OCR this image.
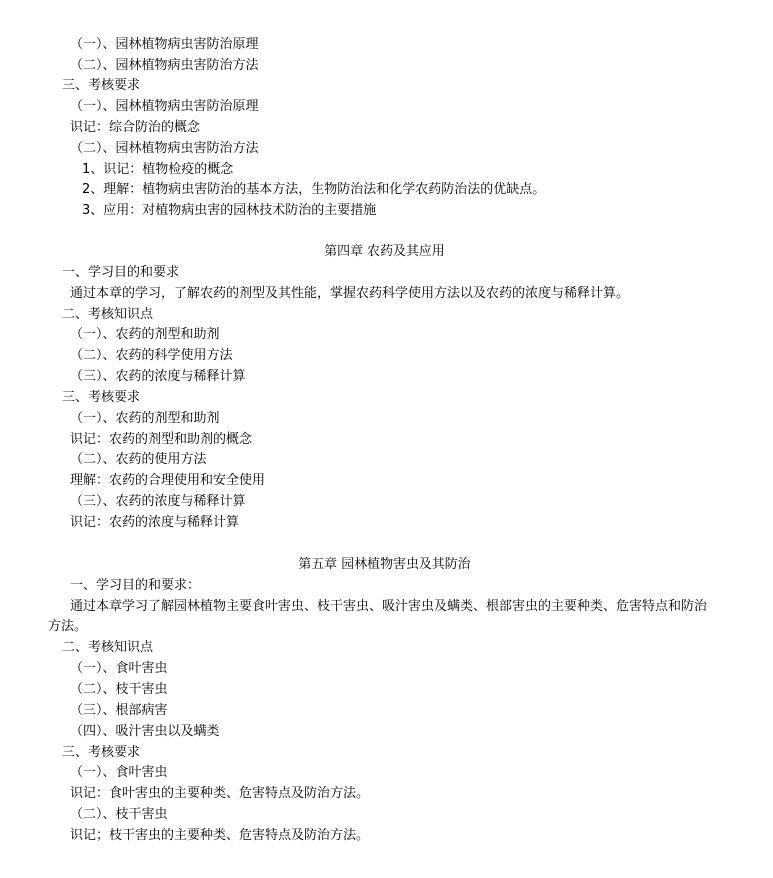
（一）、园林植物病虫害防治原理
（二）、园林植物病虫害防治方法
三、考核要求
（一）、园林植物病虫害防治原理
识记：综合防治的概念
（二）、园林植物病虫害防治方法
1、识记：植物检疫的概念
2、理解：植物病虫害防治的基本方法，生物防治法和化学农药防治法的优缺点。
3、应用：对植物病虫害的园林技术防治的主要措施
第四章 农药及其应用
一、学习目的和要求
通过本章的学习，了解农药的剂型及其性能，掌握农药科学使用方法以及农药的浓度与稀释计算。
二、考核知识点
（一）、农药的剂型和助剂
（二）、农药的科学使用方法
（三）、农药的浓度与稀释计算
三、考核要求
（一）、农药的剂型和助剂
识记：农药的剂型和助剂的概念
（二）、农药的使用方法
理解：农药的合理使用和安全使用
（三）、农药的浓度与稀释计算
识记：农药的浓度与稀释计算
第五章 园林植物害虫及其防治
一、学习目的和要求：
通过本章学习了解园林植物主要食叶害虫、枝干害虫、吸汁害虫及螨类、根部害虫的主要种类、危害特点和防治
方法。
二、考核知识点
（一）、食叶害虫
（二）、枝干害虫
（三）、根部病害
（四）、吸汁害虫以及螨类
三、考核要求
（一）、食叶害虫
识记：食叶害虫的主要种类、危害特点及防治方法。
（二）、枝干害虫
识记；枝干害虫的主要种类、危害特点及防治方法。
